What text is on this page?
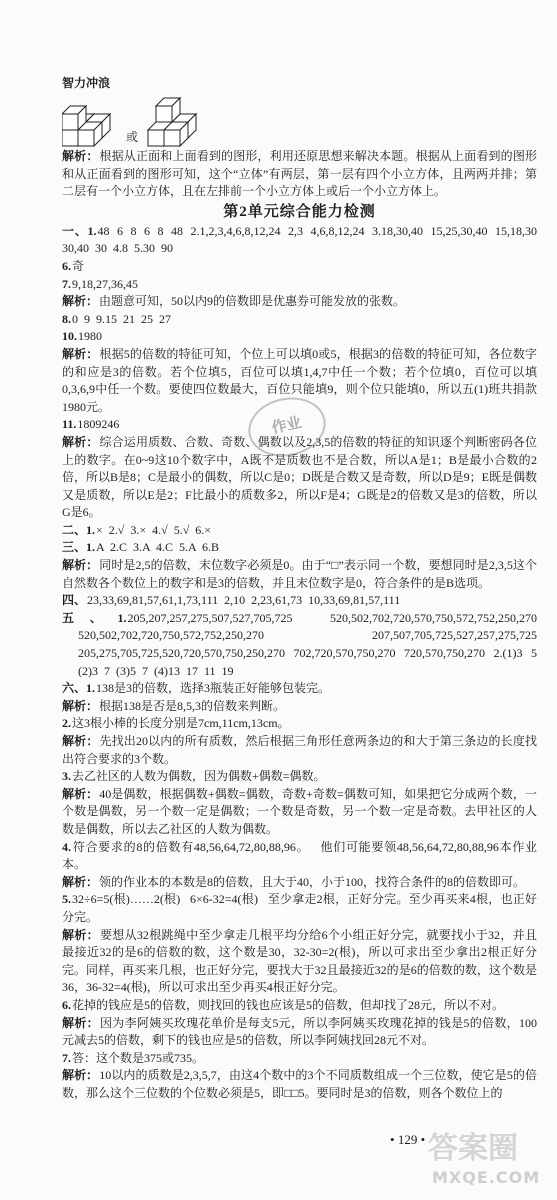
智力冲浪
或

解析：根据从正面和上面看到的图形，利用还原思想来解决本题。根据从上面看到的图形和从正面看到的图形可知，这个“立体”有两层，第一层有四个小立方体，且两两并排；第二层有一个小立方体，且在左排前一个小立方体上或后一个小立方体上。

第2单元综合能力检测

一、1.48  6  8  6  8  48  2.1,2,3,4,6,8,12,24  2,3  4,6,8,12,24  3.18,30,40  15,25,30,40  15,18,30  30,40  30  4.8  5.30  90

6.奇

7.9,18,27,36,45

解析：由题意可知，50以内9的倍数即是优惠券可能发放的张数。

8.0  9  9.15  21  25  27

10.1980

解析：根据5的倍数的特征可知，个位上可以填0或5，根据3的倍数的特征可知，各位数字的和应是3的倍数。若个位填5，百位可以填1,4,7中任一个数；若个位填0，百位可以填0,3,6,9中任一个数。要使四位数最大，百位只能填9，则个位只能填0，所以五(1)班共捐款1980元。

11.1809246

解析：综合运用质数、合数、奇数、偶数以及2,3,5的倍数的特征的知识逐个判断密码各位上的数字。在0~9这10个数字中，A既不是质数也不是合数，所以A是1；B是最小合数的2倍，所以B是8；C是最小的偶数，所以C是0；D既是合数又是奇数，所以D是9；E既是偶数又是质数，所以E是2；F比最小的质数多2，所以F是4；G既是2的倍数又是3的倍数，所以G是6。

二、1.×  2.√  3.×  4.√  5.√  6.×

三、1.A  2.C  3.A  4.C  5.A  6.B

解析：同时是2,5的倍数，末位数字必须是0。由于“□”表示同一个数，要想同时是2,3,5这个自然数各个数位上的数字和是3的倍数，并且末位数字是0，符合条件的是B选项。

四、23,33,69,81,57,61,1,73,111  2,10  2,23,61,73  10,33,69,81,57,111

五、1.205,207,257,275,507,527,705,725  520,502,702,720,570,750,572,752,250,270  520,502,702,720,750,572,752,250,270  207,507,705,725,527,257,275,725  205,275,705,725,520,720,570,750,250,270  702,720,570,750,270  720,570,750,270  2.(1)3  5  (2)3  7  (3)5  7  (4)13  17  11  19

六、1.138是3的倍数，选择3瓶装正好能够包装完。

解析：根据138是否是8,5,3的倍数来判断。

2.这3根小棒的长度分别是7cm,11cm,13cm。

解析：先找出20以内的所有质数，然后根据三角形任意两条边的和大于第三条边的长度找出符合要求的3个数。

3.去乙社区的人数为偶数，因为偶数+偶数=偶数。

解析：40是偶数，根据偶数+偶数=偶数，奇数+奇数=偶数可知，如果把它分成两个数，一个数是偶数，另一个数一定是偶数；一个数是奇数，另一个数一定是奇数。去甲社区的人数是偶数，所以去乙社区的人数为偶数。

4.符合要求的8的倍数有48,56,64,72,80,88,96。   他们可能要领48,56,64,72,80,88,96本作业本。

解析：领的作业本的本数是8的倍数，且大于40，小于100，找符合条件的8的倍数即可。

5.32÷6=5(根)……2(根)   6×6-32=4(根)   至少拿走2根，正好分完。至少再买来4根，也正好分完。

解析：要想从32根跳绳中至少拿走几根平均分给6个小组正好分完，就要找小于32，并且最接近32的是6的倍数的数，这个数是30，32-30=2(根)，所以可求出至少拿出2根正好分完。同样，再买来几根，也正好分完，要找大于32且最接近32的是6的倍数的数，这个数是36，36-32=4(根)，所以可求出至少再买4根正好分完。

6.花掉的钱应是5的倍数，则找回的钱也应该是5的倍数，但却找了28元，所以不对。

解析：因为李阿姨买玫瑰花单价是每支5元，所以李阿姨买玫瑰花掉的钱是5的倍数，100元减去5的倍数，剩下的钱也应是5的倍数，所以李阿姨找回28元不对。

7.答：这个数是375或735。

解析：10以内的质数是2,3,5,7，由这4个数中的3个不同质数组成一个三位数，使它是5的倍数，那么这个三位数的个位数必须是5，即□□5。要同时是3的倍数，则各个数位上的

作业
• 129 • 答案圈
MXQE.COM
